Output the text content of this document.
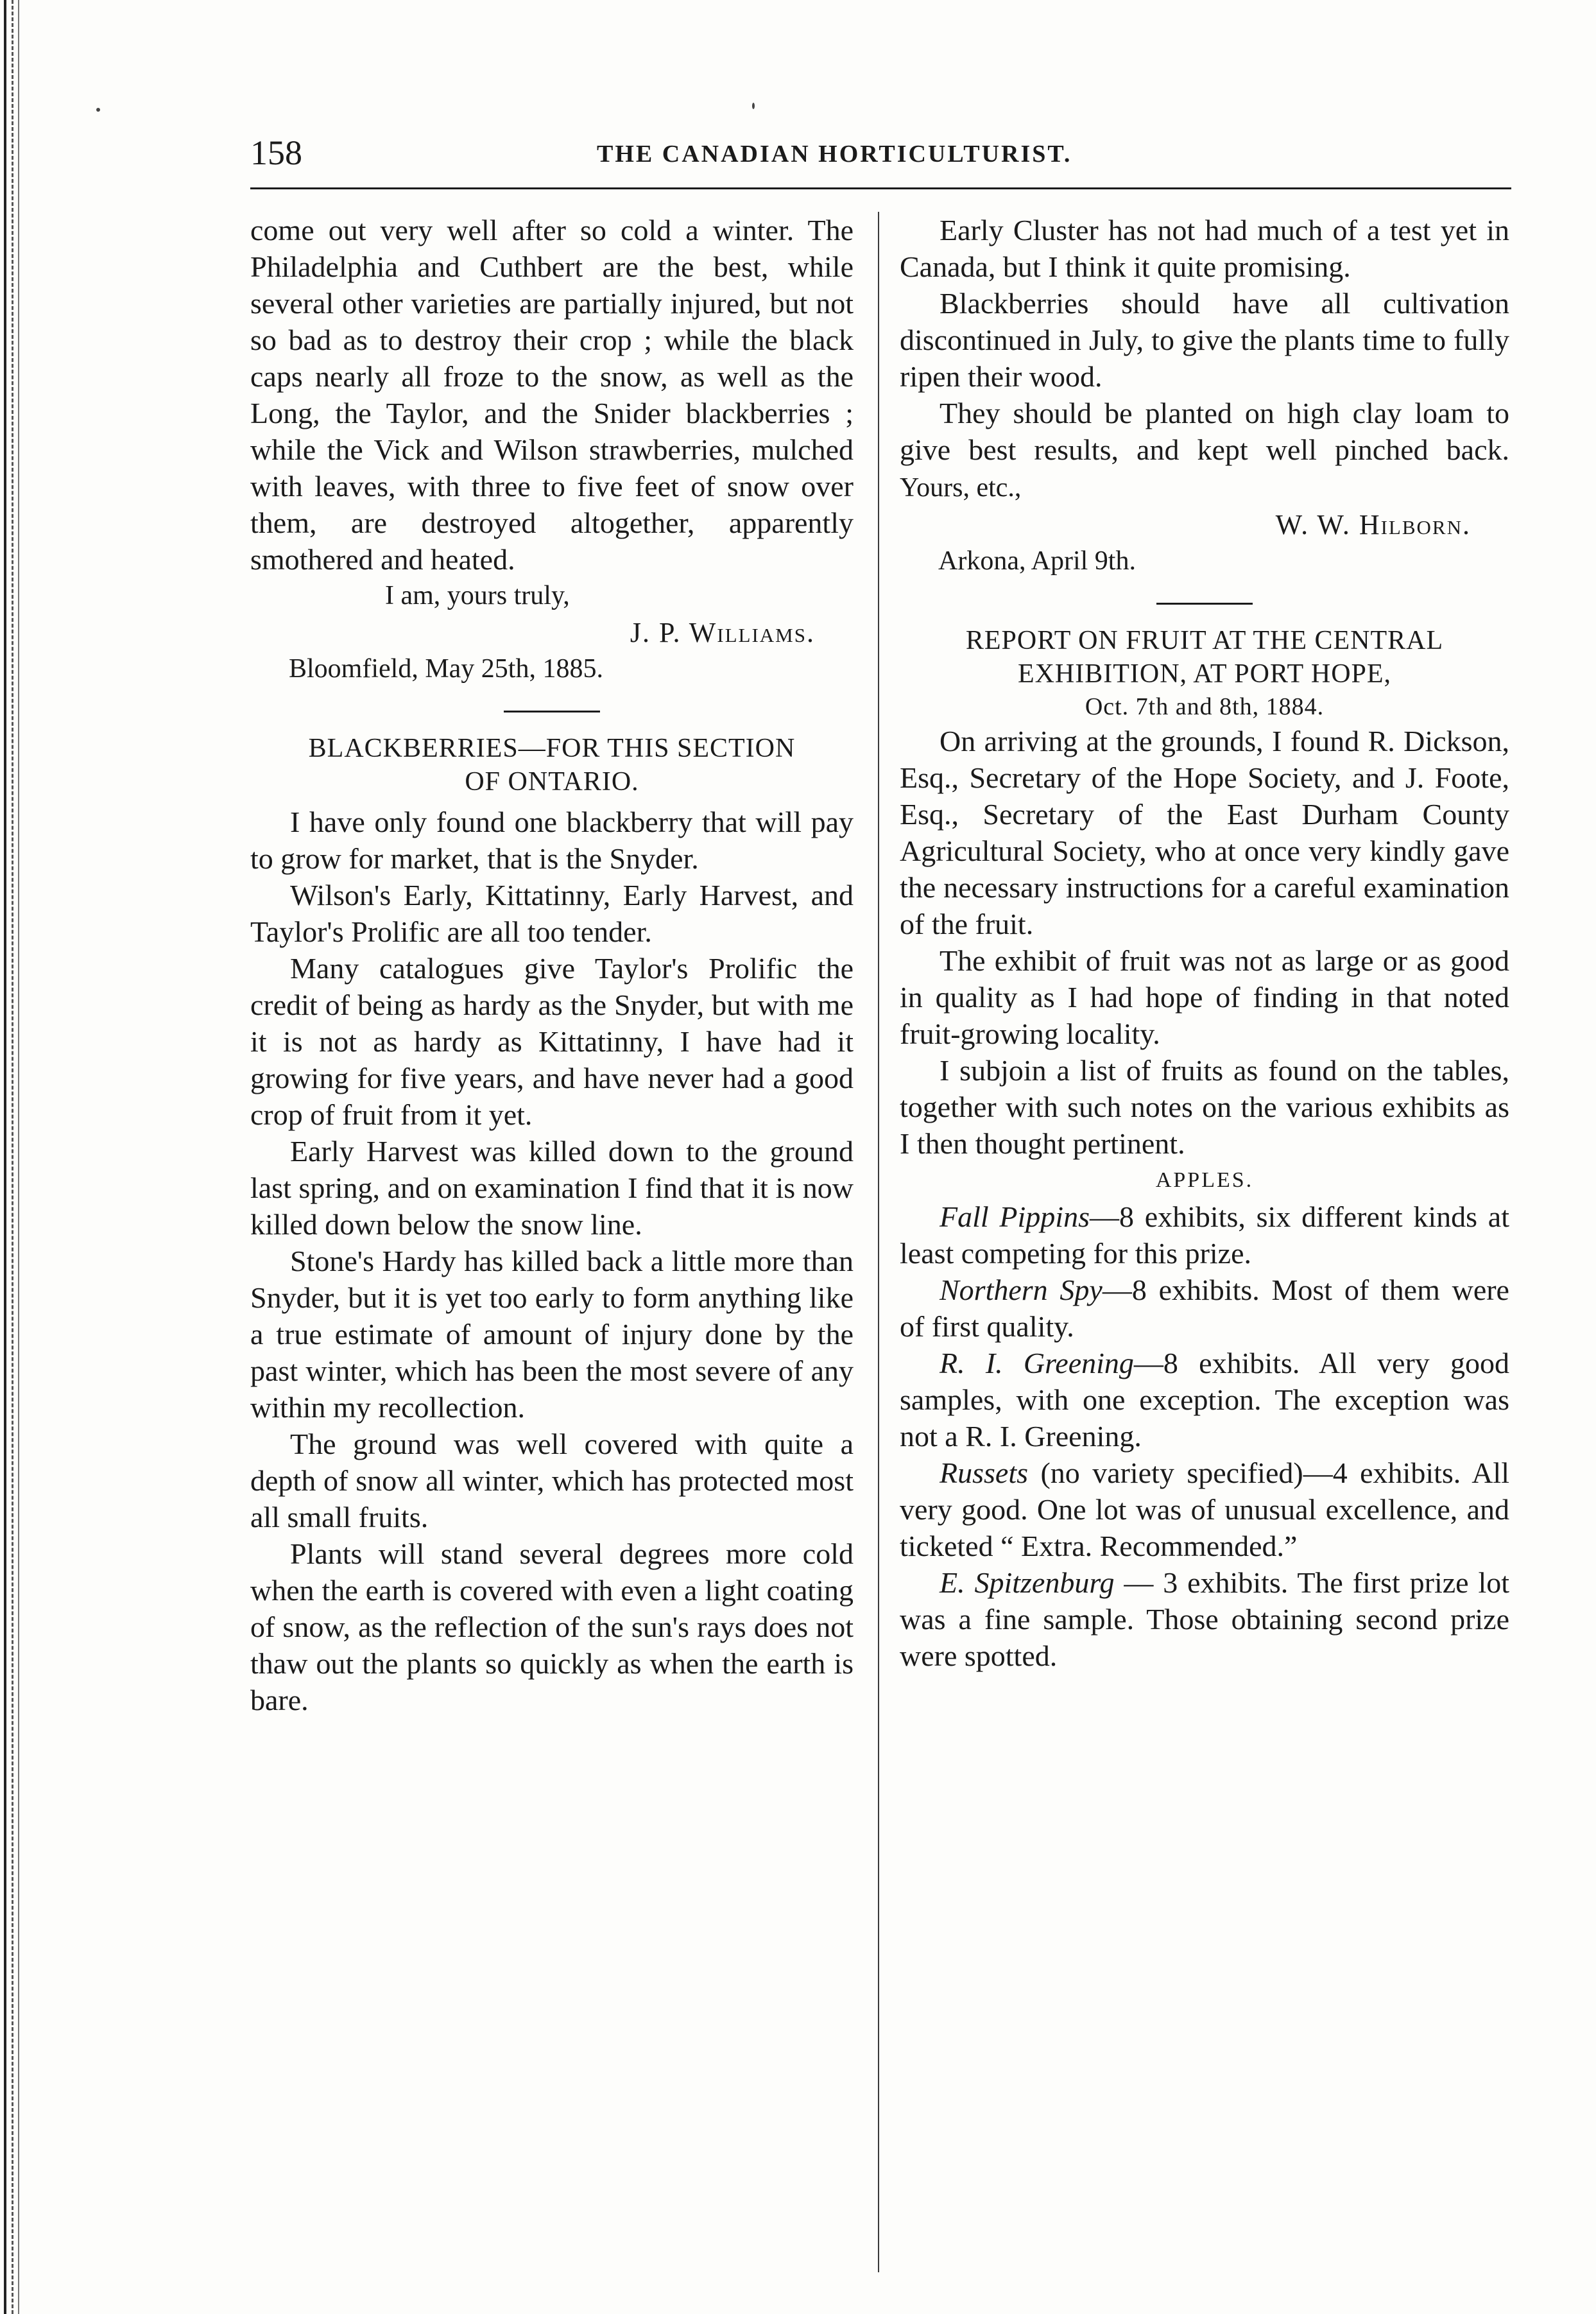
158	THE CANADIAN HORTICULTURIST.

come out very well after so cold a winter. The Philadelphia and Cuthbert are the best, while several other varieties are partially injured, but not so bad as to destroy their crop ; while the black caps nearly all froze to the snow, as well as the Long, the Taylor, and the Snider blackberries ; while the Vick and Wilson strawberries, mulched with leaves, with three to five feet of snow over them, are destroyed altogether, apparently smothered and heated.

I am, yours truly,

J. P. Williams.

Bloomfield, May 25th, 1885.

BLACKBERRIES—FOR THIS SECTION

OF ONTARIO.

I have only found one blackberry that will pay to grow for market, that is the Snyder.

Wilson's Early, Kittatinny, Early Harvest, and Taylor's Prolific are all too tender.

Many catalogues give Taylor's Prolific the credit of being as hardy as the Snyder, but with me it is not as hardy as Kittatinny, I have had it growing for five years, and have never had a good crop of fruit from it yet.

Early Harvest was killed down to the ground last spring, and on examination I find that it is now killed down below the snow line.

Stone's Hardy has killed back a little more than Snyder, but it is yet too early to form anything like a true estimate of amount of injury done by the past winter, which has been the most severe of any within my recollection.

The ground was well covered with quite a depth of snow all winter, which has protected most all small fruits.

Plants will stand several degrees more cold when the earth is covered with even a light coating of snow, as the reflection of the sun's rays does not thaw out the plants so quickly as when the earth is bare.

Early Cluster has not had much of a test yet in Canada, but I think it quite promising.

Blackberries should have all cultivation discontinued in July, to give the plants time to fully ripen their wood.

They should be planted on high clay loam to give best results, and kept well pinched back. Yours, etc.,

W. W. Hilborn.

Arkona, April 9th.

REPORT ON FRUIT AT THE CENTRAL

EXHIBITION, AT PORT HOPE,

Oct. 7th and 8th, 1884.

On arriving at the grounds, I found R. Dickson, Esq., Secretary of the Hope Society, and J. Foote, Esq., Secretary of the East Durham County Agricultural Society, who at once very kindly gave the necessary instructions for a careful examination of the fruit.

The exhibit of fruit was not as large or as good in quality as I had hope of finding in that noted fruit-growing locality.

I subjoin a list of fruits as found on the tables, together with such notes on the various exhibits as I then thought pertinent.

APPLES.

Fall Pippins—8 exhibits, six different kinds at least competing for this prize.

Northern Spy—8 exhibits. Most of them were of first quality.

R. I. Greening—8 exhibits. All very good samples, with one exception. The exception was not a R. I. Greening.

Russets (no variety specified)—4 exhibits. All very good. One lot was of unusual excellence, and ticketed “ Extra. Recommended.”

E. Spitzenburg — 3 exhibits. The first prize lot was a fine sample. Those obtaining second prize were spotted.
